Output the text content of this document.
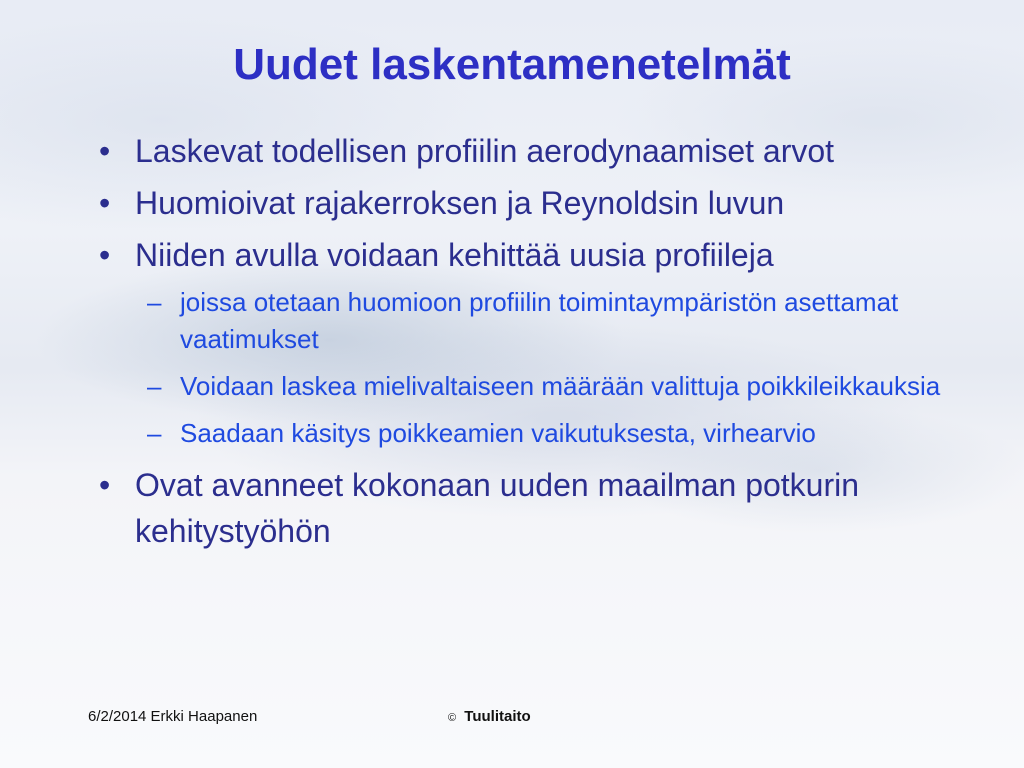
Uudet laskentamenetelmät
• Laskevat todellisen profiilin aerodynaamiset arvot
• Huomioivat rajakerroksen ja Reynoldsin luvun
• Niiden avulla voidaan kehittää uusia profiileja
– joissa otetaan huomioon profiilin toimintaympäristön asettamat vaatimukset
– Voidaan laskea mielivaltaiseen määrään valittuja poikkileikkauksia
– Saadaan käsitys poikkeamien vaikutuksesta, virhearvio
• Ovat avanneet kokonaan uuden maailman potkurin kehitystyöhön
6/2/2014 Erkki Haapanen	© Tuulitaito
